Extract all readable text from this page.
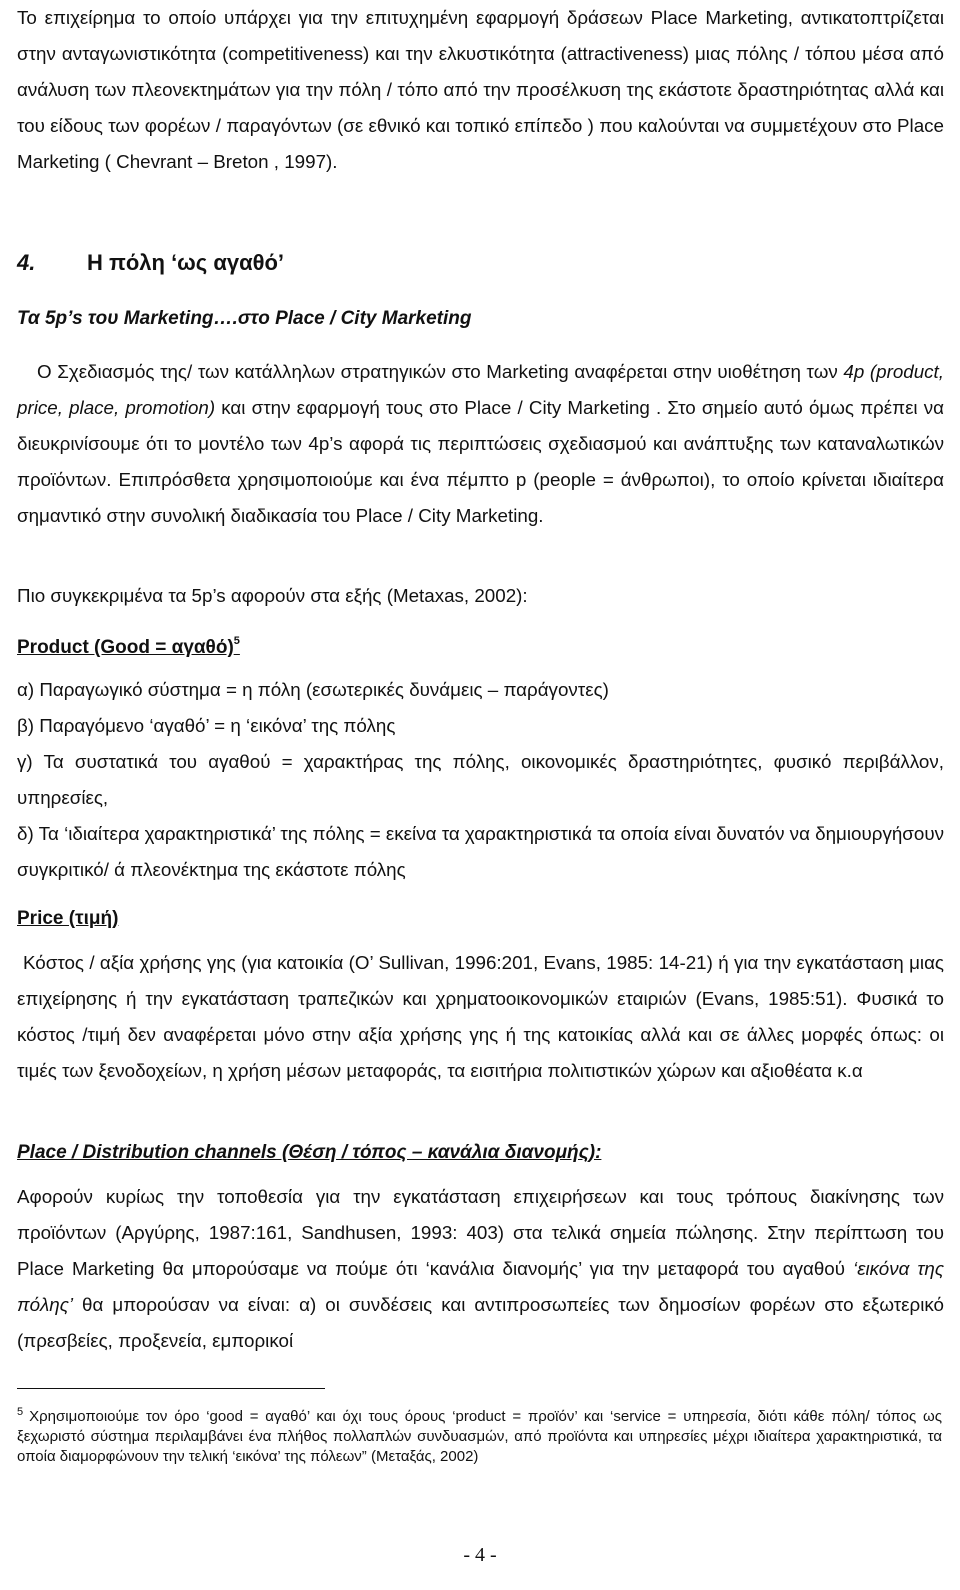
Το επιχείρημα το οποίο υπάρχει για την επιτυχημένη εφαρμογή δράσεων Place Marketing, αντικατοπτρίζεται στην ανταγωνιστικότητα (competitiveness) και την ελκυστικότητα (attractiveness) μιας πόλης / τόπου μέσα από ανάλυση των πλεονεκτημάτων για την πόλη / τόπο από την προσέλκυση της εκάστοτε δραστηριότητας αλλά και του είδους των φορέων / παραγόντων (σε εθνικό και τοπικό επίπεδο ) που καλούνται να συμμετέχουν στο Place Marketing ( Chevrant – Breton , 1997).

4. Η πόλη ‘ως αγαθό’
Τα 5p’s του Marketing….στο Place / City Marketing

Ο Σχεδιασμός της/ των κατάλληλων στρατηγικών στο Marketing αναφέρεται στην υιοθέτηση των 4p (product, price, place, promotion) και στην εφαρμογή τους στο Place / City Marketing . Στο σημείο αυτό όμως πρέπει να διευκρινίσουμε ότι το μοντέλο των 4p’s αφορά τις περιπτώσεις σχεδιασμού και ανάπτυξης των καταναλωτικών προϊόντων. Επιπρόσθετα χρησιμοποιούμε και ένα πέμπτο p (people = άνθρωποι), το οποίο κρίνεται ιδιαίτερα σημαντικό στην συνολική διαδικασία του Place / City Marketing.

Πιο συγκεκριμένα τα 5p’s αφορούν στα εξής (Metaxas, 2002):

Product (Good = αγαθό)$^5$
α) Παραγωγικό σύστημα = η πόλη (εσωτερικές δυνάμεις – παράγοντες)
β) Παραγόμενο ‘αγαθό’ = η ‘εικόνα’ της πόλης
γ) Τα συστατικά του αγαθού = χαρακτήρας της πόλης, οικονομικές δραστηριότητες, φυσικό περιβάλλον, υπηρεσίες,
δ) Τα ‘ιδιαίτερα χαρακτηριστικά’ της πόλης = εκείνα τα χαρακτηριστικά τα οποία είναι δυνατόν να δημιουργήσουν συγκριτικό/ ά πλεονέκτημα της εκάστοτε πόλης
Price (τιμή)

Κόστος / αξία χρήσης γης (για κατοικία (O’ Sullivan, 1996:201, Evans, 1985: 14-21) ή για την εγκατάσταση μιας επιχείρησης ή την εγκατάσταση τραπεζικών και χρηματοοικονομικών εταιριών (Evans, 1985:51). Φυσικά το κόστος /τιμή δεν αναφέρεται μόνο στην αξία χρήσης γης ή της κατοικίας αλλά και σε άλλες μορφές όπως: οι τιμές των ξενοδοχείων, η χρήση μέσων μεταφοράς, τα εισιτήρια πολιτιστικών χώρων και αξιοθέατα κ.α

Place / Distribution channels (Θέση / τόπος – κανάλια διανομής):

Αφορούν κυρίως την τοποθεσία για την εγκατάσταση επιχειρήσεων και τους τρόπους διακίνησης των προϊόντων (Αργύρης, 1987:161, Sandhusen, 1993: 403) στα τελικά σημεία πώλησης. Στην περίπτωση του Place Marketing θα μπορούσαμε να πούμε ότι ‘κανάλια διανομής’ για την μεταφορά του αγαθού ‘εικόνα της πόλης’ θα μπορούσαν να είναι: α) οι συνδέσεις και αντιπροσωπείες των δημοσίων φορέων στο εξωτερικό (πρεσβείες, προξενεία, εμπορικοί

$^5$ Χρησιμοποιούμε τον όρο ‘good = αγαθό’ και όχι τους όρους ‘product = προϊόν’ και ‘service = υπηρεσία, διότι κάθε πόλη/ τόπος ως ξεχωριστό σύστημα περιλαμβάνει ένα πλήθος πολλαπλών συνδυασμών, από προϊόντα και υπηρεσίες μέχρι ιδιαίτερα χαρακτηριστικά, τα οποία διαμορφώνουν την τελική ‘εικόνα’ της πόλεων” (Μεταξάς, 2002)

- 4 -
